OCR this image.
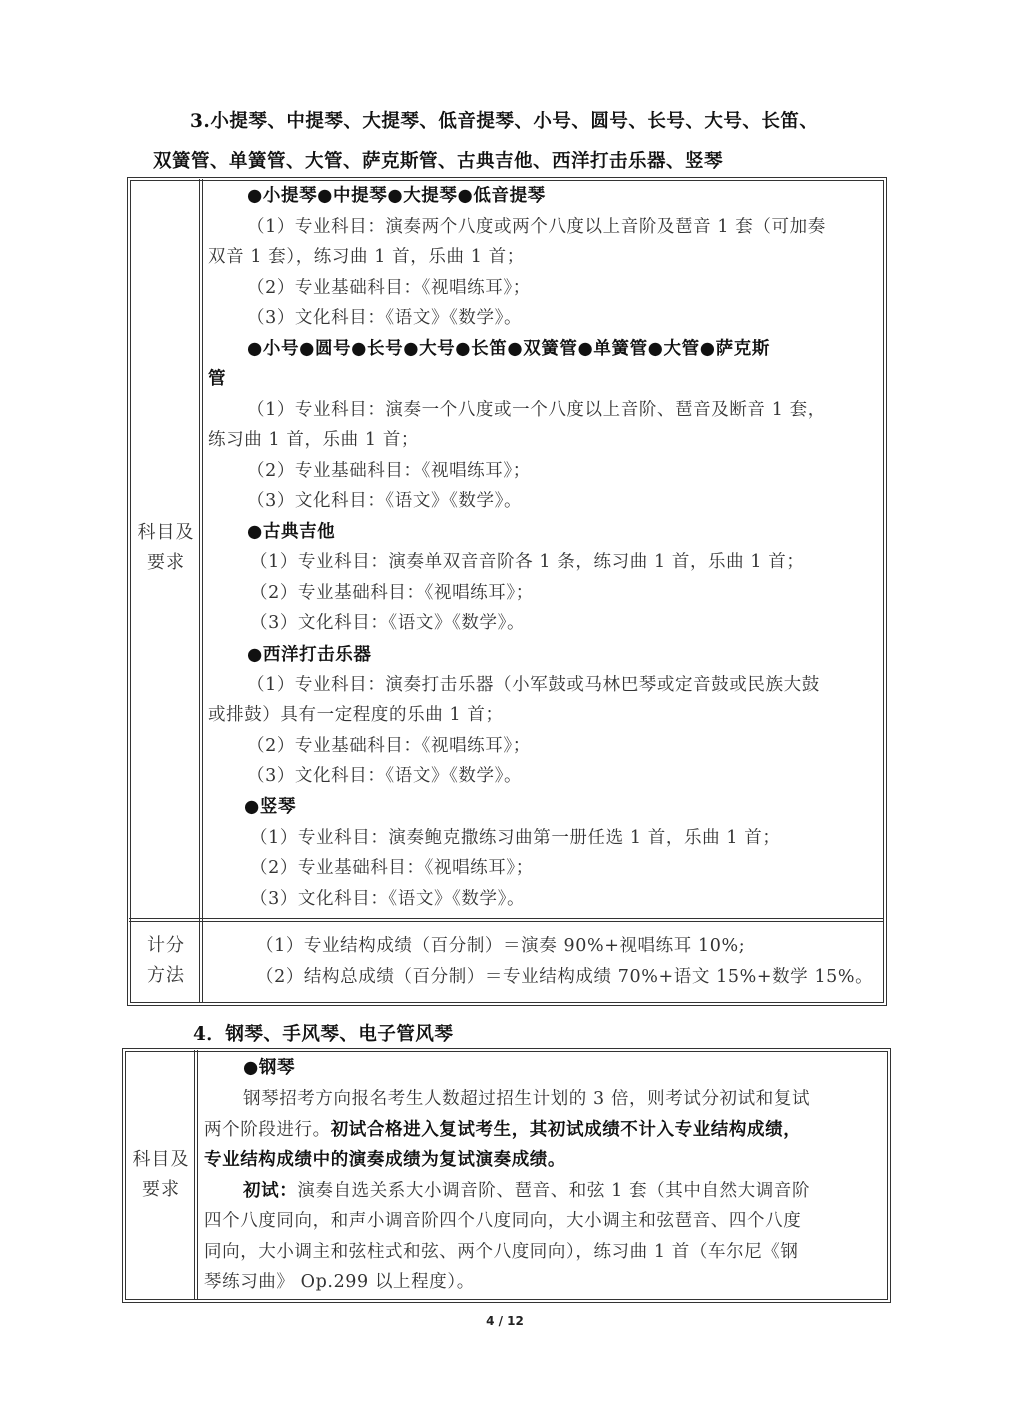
3.小提琴、中提琴、大提琴、低音提琴、小号、圆号、长号、大号、长笛、
双簧管、单簧管、大管、萨克斯管、古典吉他、西洋打击乐器、竖琴
科目及
要求
●小提琴●中提琴●大提琴●低音提琴
（1）专业科目：演奏两个八度或两个八度以上音阶及琶音 1 套（可加奏
双音 1 套），练习曲 1 首，乐曲 1 首；
（2）专业基础科目：《视唱练耳》；
（3）文化科目：《语文》《数学》。
●小号●圆号●长号●大号●长笛●双簧管●单簧管●大管●萨克斯
管
（1）专业科目：演奏一个八度或一个八度以上音阶、琶音及断音 1 套，
练习曲 1 首，乐曲 1 首；
（2）专业基础科目：《视唱练耳》；
（3）文化科目：《语文》《数学》。
●古典吉他
（1）专业科目：演奏单双音音阶各 1 条，练习曲 1 首，乐曲 1 首；
（2）专业基础科目：《视唱练耳》；
（3）文化科目：《语文》《数学》。
●西洋打击乐器
（1）专业科目：演奏打击乐器（小军鼓或马林巴琴或定音鼓或民族大鼓
或排鼓）具有一定程度的乐曲 1 首；
（2）专业基础科目：《视唱练耳》；
（3）文化科目：《语文》《数学》。
●竖琴
（1）专业科目：演奏鲍克撒练习曲第一册任选 1 首，乐曲 1 首；
（2）专业基础科目：《视唱练耳》；
（3）文化科目：《语文》《数学》。
计分
方法
（1）专业结构成绩（百分制）＝演奏 90%+视唱练耳 10%;
（2）结构总成绩（百分制）＝专业结构成绩 70%+语文 15%+数学 15%。
4．钢琴、手风琴、电子管风琴
科目及
要求
●钢琴
钢琴招考方向报名考生人数超过招生计划的 3 倍，则考试分初试和复试
两个阶段进行。初试合格进入复试考生，其初试成绩不计入专业结构成绩，
专业结构成绩中的演奏成绩为复试演奏成绩。
初试：演奏自选关系大小调音阶、琶音、和弦 1 套（其中自然大调音阶
四个八度同向，和声小调音阶四个八度同向，大小调主和弦琶音、四个八度
同向，大小调主和弦柱式和弦、两个八度同向），练习曲 1 首（车尔尼《钢
琴练习曲》 Op.299 以上程度）。
4 / 12
